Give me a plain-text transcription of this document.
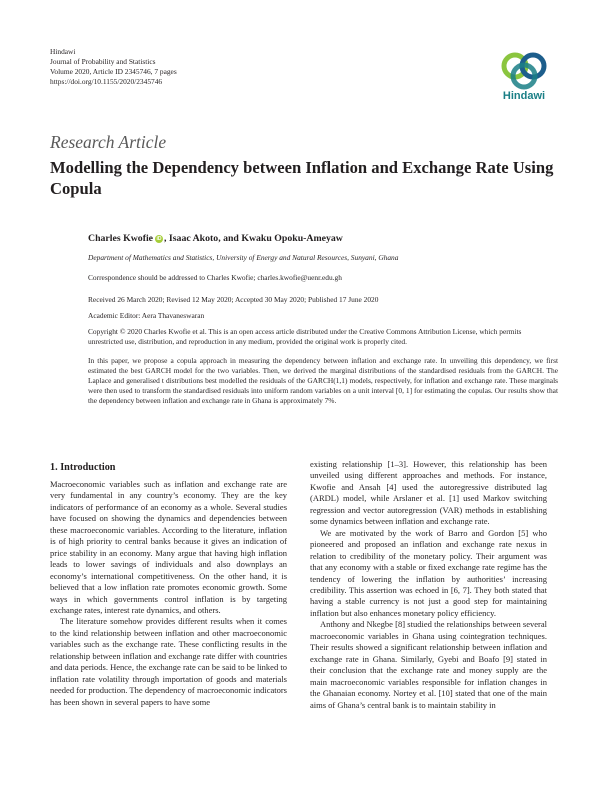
Hindawi
Journal of Probability and Statistics
Volume 2020, Article ID 2345746, 7 pages
https://doi.org/10.1155/2020/2345746
Hindawi
Research Article
Modelling the Dependency between Inflation and Exchange Rate Using Copula
Charles Kwofie iD , Isaac Akoto, and Kwaku Opoku-Ameyaw
Department of Mathematics and Statistics, University of Energy and Natural Resources, Sunyani, Ghana
Correspondence should be addressed to Charles Kwofie; charles.kwofie@uenr.edu.gh
Received 26 March 2020; Revised 12 May 2020; Accepted 30 May 2020; Published 17 June 2020
Academic Editor: Aera Thavaneswaran
Copyright © 2020 Charles Kwofie et al. This is an open access article distributed under the Creative Commons Attribution License, which permits unrestricted use, distribution, and reproduction in any medium, provided the original work is properly cited.
In this paper, we propose a copula approach in measuring the dependency between inflation and exchange rate. In unveiling this dependency, we first estimated the best GARCH model for the two variables. Then, we derived the marginal distributions of the standardised residuals from the GARCH. The Laplace and generalised t distributions best modelled the residuals of the GARCH(1,1) models, respectively, for inflation and exchange rate. These marginals were then used to transform the standardised residuals into uniform random variables on a unit interval [0, 1] for estimating the copulas. Our results show that the dependency between inflation and exchange rate in Ghana is approximately 7%.
1. Introduction

Macroeconomic variables such as inflation and exchange rate are very fundamental in any country’s economy. They are the key indicators of performance of an economy as a whole. Several studies have focused on showing the dynamics and dependencies between these macroeconomic variables. According to the literature, inflation is of high priority to central banks because it gives an indication of price stability in an economy. Many argue that having high inflation leads to lower savings of individuals and also downplays an economy’s international competitiveness. On the other hand, it is believed that a low inflation rate promotes economic growth. Some ways in which governments control inflation is by targeting exchange rates, interest rate dynamics, and others.

The literature somehow provides different results when it comes to the kind relationship between inflation and other macroeconomic variables such as the exchange rate. These conflicting results in the relationship between inflation and exchange rate differ with countries and data periods. Hence, the exchange rate can be said to be linked to inflation rate volatility through importation of goods and materials needed for production. The dependency of macroeconomic indicators has been shown in several papers to have some

existing relationship [1–3]. However, this relationship has been unveiled using different approaches and methods. For instance, Kwofie and Ansah [4] used the autoregressive distributed lag (ARDL) model, while Arslaner et al. [1] used Markov switching regression and vector autoregression (VAR) methods in establishing some dynamics between inflation and exchange rate.

We are motivated by the work of Barro and Gordon [5] who pioneered and proposed an inflation and exchange rate nexus in relation to credibility of the monetary policy. Their argument was that any economy with a stable or fixed exchange rate regime has the tendency of lowering the inflation by authorities’ increasing credibility. This assertion was echoed in [6, 7]. They both stated that having a stable currency is not just a good step for maintaining inflation but also enhances monetary policy efficiency.

Anthony and Nkegbe [8] studied the relationships between several macroeconomic variables in Ghana using cointegration techniques. Their results showed a significant relationship between inflation and exchange rate in Ghana. Similarly, Gyebi and Boafo [9] stated in their conclusion that the exchange rate and money supply are the main macroeconomic variables responsible for inflation changes in the Ghanaian economy. Nortey et al. [10] stated that one of the main aims of Ghana’s central bank is to maintain stability in
